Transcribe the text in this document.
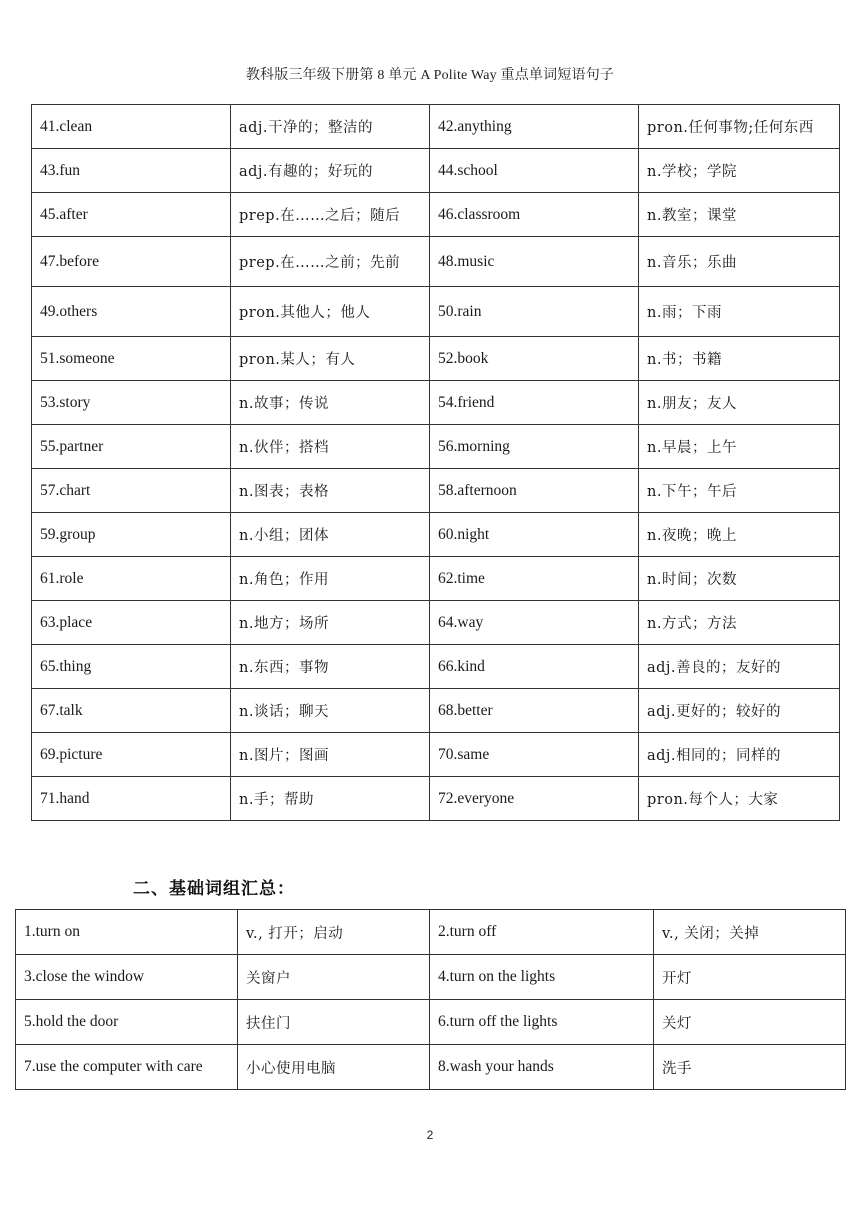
教科版三年级下册第 8 单元 A Polite Way 重点单词短语句子
41.clean	adj.干净的；整洁的	42.anything	pron.任何事物;任何东西
43.fun	adj.有趣的；好玩的	44.school	n.学校；学院
45.after	prep.在……之后；随后	46.classroom	n.教室；课堂
47.before	prep.在……之前；先前	48.music	n.音乐；乐曲
49.others	pron.其他人；他人	50.rain	n.雨；下雨
51.someone	pron.某人；有人	52.book	n.书；书籍
53.story	n.故事；传说	54.friend	n.朋友；友人
55.partner	n.伙伴；搭档	56.morning	n.早晨；上午
57.chart	n.图表；表格	58.afternoon	n.下午；午后
59.group	n.小组；团体	60.night	n.夜晚；晚上
61.role	n.角色；作用	62.time	n.时间；次数
63.place	n.地方；场所	64.way	n.方式；方法
65.thing	n.东西；事物	66.kind	adj.善良的；友好的
67.talk	n.谈话；聊天	68.better	adj.更好的；较好的
69.picture	n.图片；图画	70.same	adj.相同的；同样的
71.hand	n.手；帮助	72.everyone	pron.每个人；大家
二、基础词组汇总：
1.turn on	v., 打开；启动	2.turn off	v., 关闭；关掉
3.close the window	关窗户	4.turn on the lights	开灯
5.hold the door	扶住门	6.turn off the lights	关灯
7.use the computer with care	小心使用电脑	8.wash your hands	洗手
2
